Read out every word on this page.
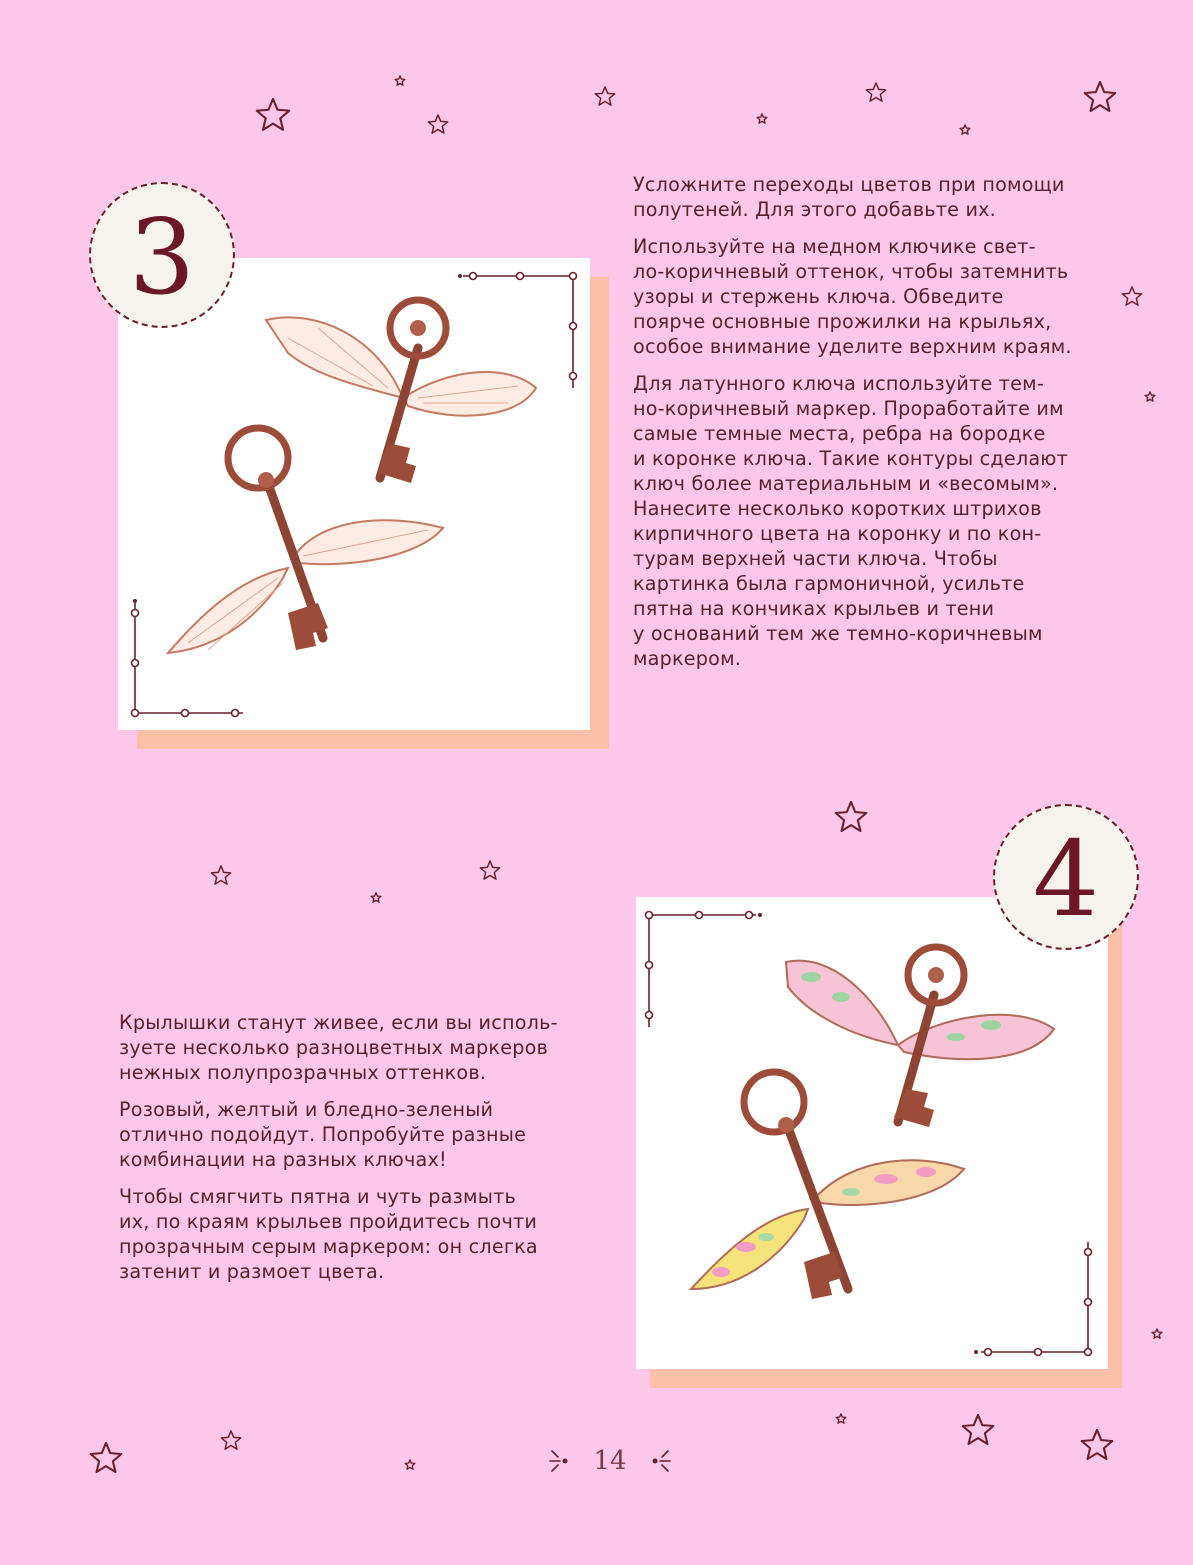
3

Усложните переходы цветов при помощи
полутеней. Для этого добавьте их.

Используйте на медном ключике свет-
ло-коричневый оттенок, чтобы затемнить
узоры и стержень ключа. Обведите
поярче основные прожилки на крыльях,
особое внимание уделите верхним краям.

Для латунного ключа используйте тем-
но-коричневый маркер. Проработайте им
самые темные места, ребра на бородке
и коронке ключа. Такие контуры сделают
ключ более материальным и «весомым».
Нанесите несколько коротких штрихов
кирпичного цвета на коронку и по кон-
турам верхней части ключа. Чтобы
картинка была гармоничной, усильте
пятна на кончиках крыльев и тени
у оснований тем же темно-коричневым
маркером.

4

Крылышки станут живее, если вы исполь-
зуете несколько разноцветных маркеров
нежных полупрозрачных оттенков.

Розовый, желтый и бледно-зеленый
отлично подойдут. Попробуйте разные
комбинации на разных ключах!

Чтобы смягчить пятна и чуть размыть
их, по краям крыльев пройдитесь почти
прозрачным серым маркером: он слегка
затенит и размоет цвета.

14
